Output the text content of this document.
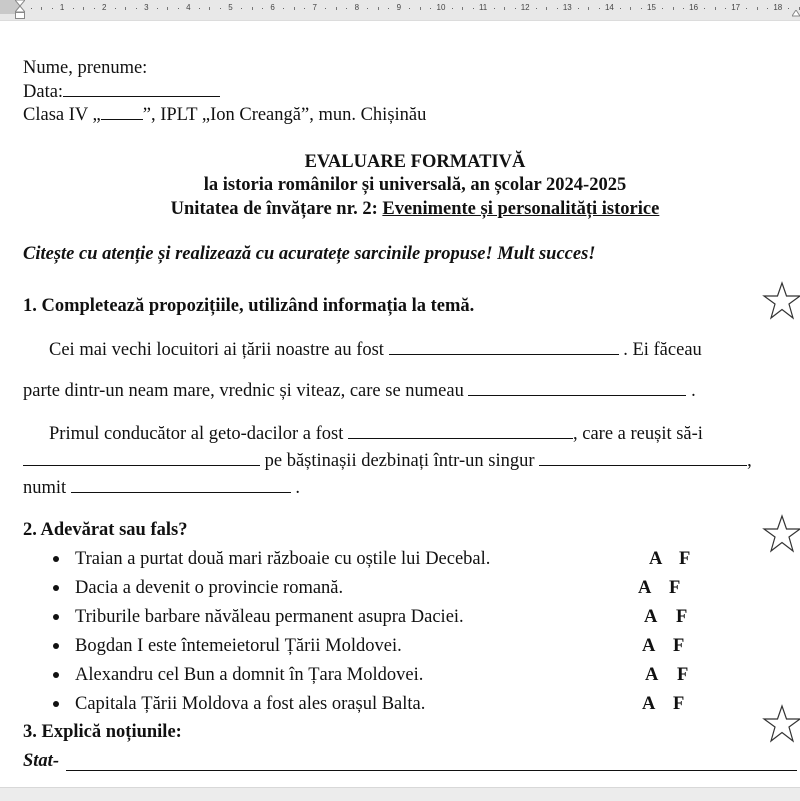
1	2	3	4	5	6	7	8	9	10	11	12	13	14	15	16	17	18
Nume, prenume:
Data:
Clasa IV „ ”, IPLT „Ion Creangă”, mun. Chișinău
EVALUARE FORMATIVĂ
la istoria românilor și universală, an școlar 2024-2025
Unitatea de învățare nr. 2: Evenimente și personalități istorice
Citește cu atenție și realizează cu acuratețe sarcinile propuse! Mult succes!
1. Completează propozițiile, utilizând informația la temă.
Cei mai vechi locuitori ai țării noastre au fost	. Ei făceau
parte dintr-un neam mare, vrednic și viteaz, care se numeau	.
Primul conducător al geto-dacilor a fost	, care a reușit să-i
pe băștinașii dezbinați într-un singur	,
numit	.
2. Adevărat sau fals?
Traian a purtat două mari războaie cu oștile lui Decebal.	A F
Dacia a devenit o provincie romană.	A F
Triburile barbare năvăleau permanent asupra Daciei.	A F
Bogdan I este întemeietorul Țării Moldovei.	A F
Alexandru cel Bun a domnit în Țara Moldovei.	A F
Capitala Țării Moldova a fost ales orașul Balta.	A F
3. Explică noțiunile:
Stat-
